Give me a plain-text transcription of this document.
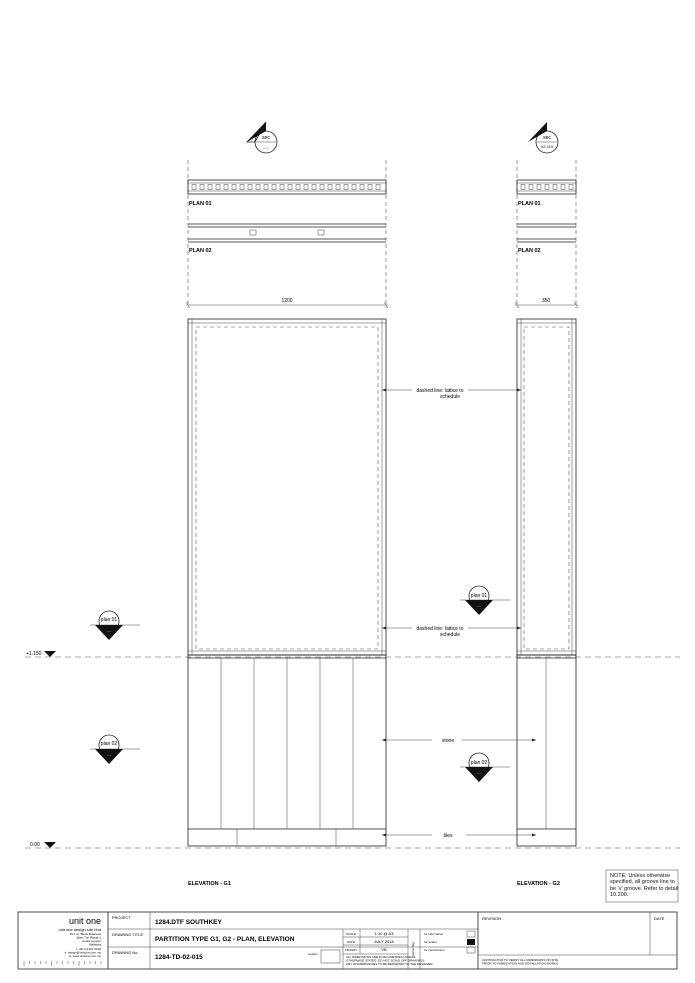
sec
_._
sec
02-115
PLAN 01
PLAN 02
PLAN 01
PLAN 02
1200	350
dashed line: lattice to
schedule
dashed line: lattice to
schedule
stone
tiles
plan 01
_._
plan 02
_._
plan 01
_._
plan 02
_._
+1.150
0.00
ELEVATION - G1	ELEVATION - G2
unit one
unit one design sdn bhd
39-1-G, Block Business
Jalan Tun Razak 1
Kuala Lumpur
Malaysia
t: +60 3-2161 0120
e: design@unitone.com.my
w: www.unitone.com.my
PROJECT
1284.DTF SOUTHKEY
DRAWING TITLE
PARTITION TYPE G1, G2 - PLAN, ELEVATION
DRAWING No.
1284-TD-02-015	revision
SCALE	1:10 @ A3
DATE	JULY 2018
DRAWN	VB	status flag
for information
for tender
for construction
ALL DIMENSIONS ARE IN MILLIMETRES UNLESS
OTHERWISE STATED. DO NOT SCALE OFF DRAWINGS.
ANY DISCREPANCIES TO BE REPORTED TO THE DESIGNER.
REVISION	DATE
CONTRACTOR TO VERIFY ALL DIMENSIONS ON SITE
PRIOR TO FABRICATION AND INSTALLATION WORKS.
NOTE: Unless otherwise specified, all groove line to be 'v' groove. Refer to detail 10.200.
